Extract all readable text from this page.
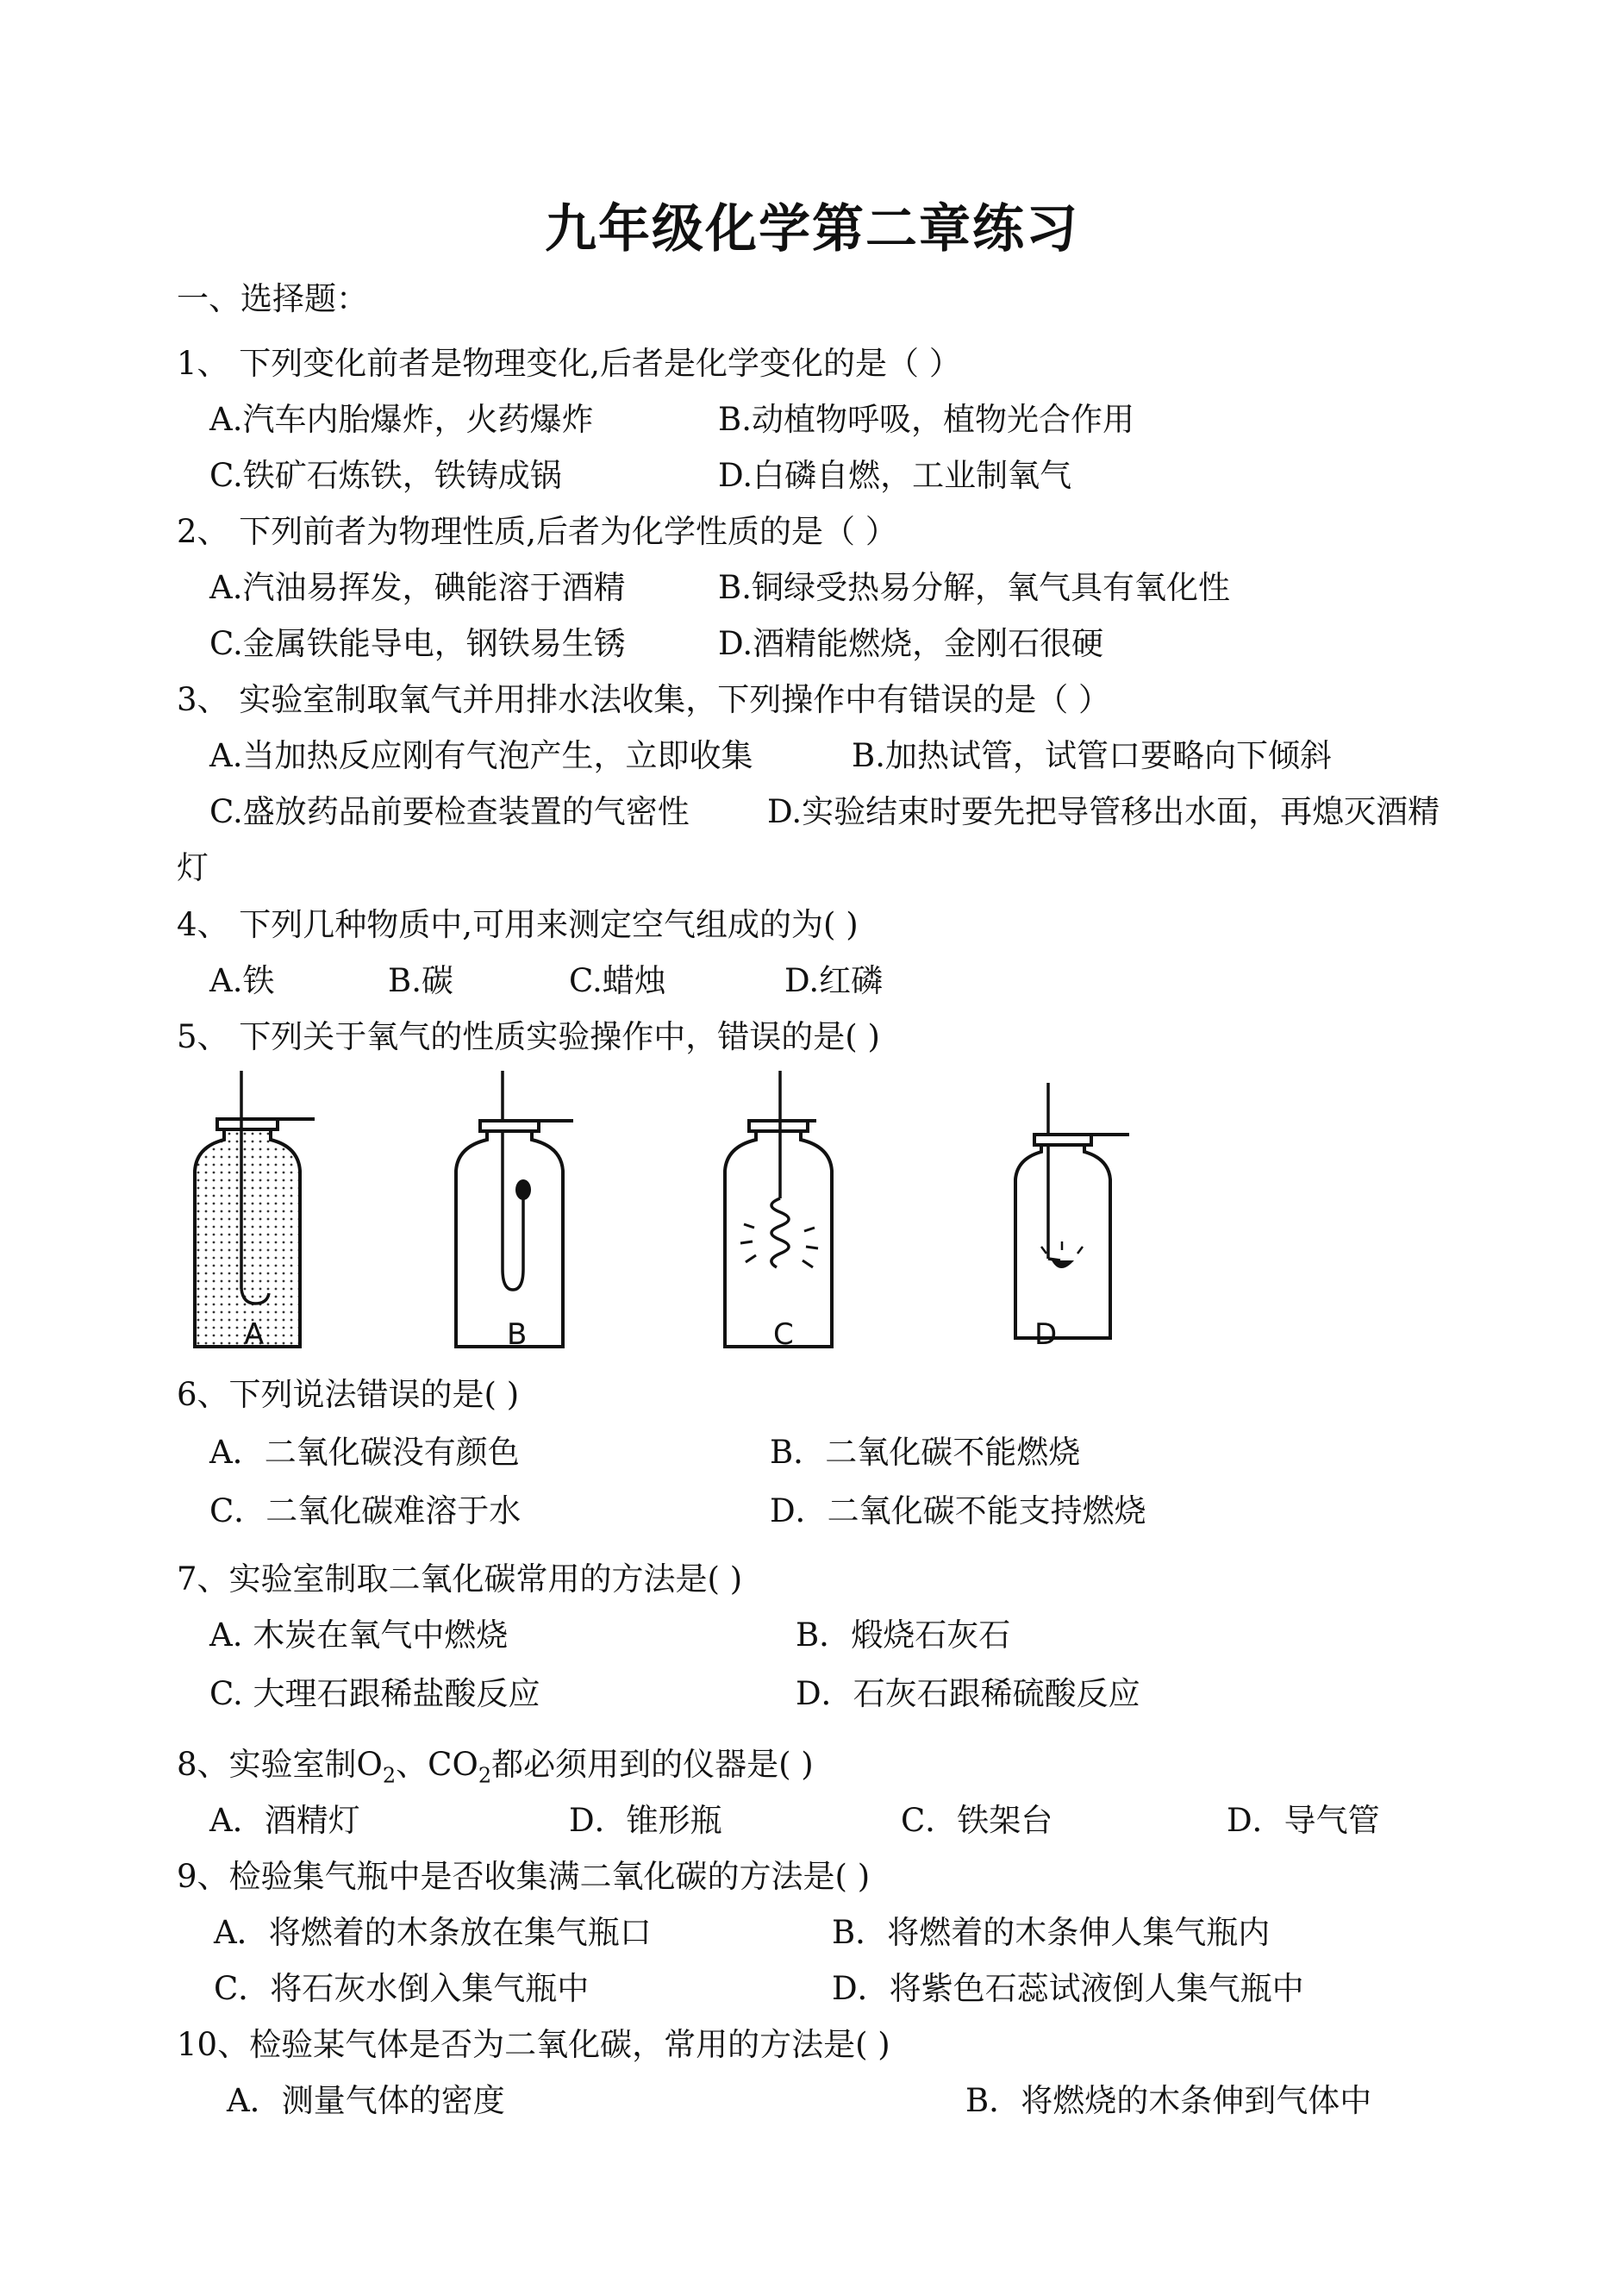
九年级化学第二章练习
一、选择题：
1、 下列变化前者是物理变化,后者是化学变化的是（ ）
A.汽车内胎爆炸，火药爆炸	B.动植物呼吸，植物光合作用
C.铁矿石炼铁，铁铸成锅	D.白磷自燃，工业制氧气
2、 下列前者为物理性质,后者为化学性质的是（ ）
A.汽油易挥发，碘能溶于酒精	B.铜绿受热易分解，氧气具有氧化性
C.金属铁能导电，钢铁易生锈	D.酒精能燃烧，金刚石很硬
3、 实验室制取氧气并用排水法收集，下列操作中有错误的是（ ）
A.当加热反应刚有气泡产生，立即收集	B.加热试管，试管口要略向下倾斜
C.盛放药品前要检查装置的气密性 D.实验结束时要先把导管移出水面，再熄灭酒精
灯
4、 下列几种物质中,可用来测定空气组成的为( )
A.铁	B.碳	C.蜡烛	D.红磷
5、 下列关于氧气的性质实验操作中，错误的是( )
A	B	C	D
6、下列说法错误的是( )
A．二氧化碳没有颜色	B．二氧化碳不能燃烧
C．二氧化碳难溶于水	D．二氧化碳不能支持燃烧
7、实验室制取二氧化碳常用的方法是( )
A. 木炭在氧气中燃烧	B．煅烧石灰石
C. 大理石跟稀盐酸反应	D．石灰石跟稀硫酸反应
8、实验室制$O_2$、$CO_2$都必须用到的仪器是( )
A．酒精灯	D．锥形瓶	C．铁架台	D．导气管
9、检验集气瓶中是否收集满二氧化碳的方法是( )
A．将燃着的木条放在集气瓶口	B．将燃着的木条伸人集气瓶内
C．将石灰水倒入集气瓶中	D．将紫色石蕊试液倒人集气瓶中
10、检验某气体是否为二氧化碳，常用的方法是( )
A．测量气体的密度	B．将燃烧的木条伸到气体中
